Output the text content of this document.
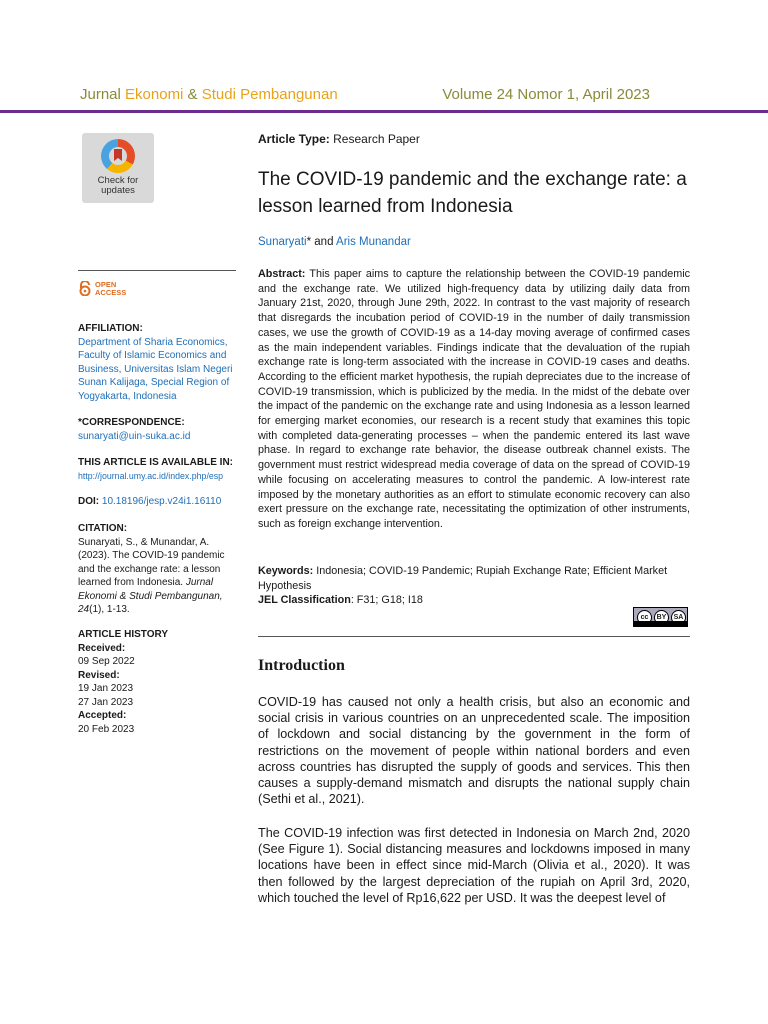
Jurnal Ekonomi & Studi Pembangunan	Volume 24 Nomor 1, April 2023
Check for
updates
OPEN
ACCESS
AFFILIATION:
Department of Sharia Economics, Faculty of Islamic Economics and Business, Universitas Islam Negeri Sunan Kalijaga, Special Region of Yogyakarta, Indonesia
*CORRESPONDENCE:
sunaryati@uin-suka.ac.id
THIS ARTICLE IS AVAILABLE IN:
http://journal.umy.ac.id/index.php/esp
DOI: 10.18196/jesp.v24i1.16110
CITATION:
Sunaryati, S., & Munandar, A. (2023). The COVID-19 pandemic and the exchange rate: a lesson learned from Indonesia. Jurnal Ekonomi & Studi Pembangunan, 24(1), 1-13.
ARTICLE HISTORY
Received:
09 Sep 2022
Revised:
19 Jan 2023
27 Jan 2023
Accepted:
20 Feb 2023
Article Type: Research Paper
The COVID-19 pandemic and the exchange rate: a lesson learned from Indonesia
Sunaryati* and Aris Munandar
Abstract: This paper aims to capture the relationship between the COVID-19 pandemic and the exchange rate. We utilized high-frequency data by utilizing daily data from January 21st, 2020, through June 29th, 2022. In contrast to the vast majority of research that disregards the incubation period of COVID-19 in the number of daily transmission cases, we use the growth of COVID-19 as a 14-day moving average of confirmed cases as the main independent variables. Findings indicate that the devaluation of the rupiah exchange rate is long-term associated with the increase in COVID-19 cases and deaths. According to the efficient market hypothesis, the rupiah depreciates due to the increase of COVID-19 transmission, which is publicized by the media. In the midst of the debate over the impact of the pandemic on the exchange rate and using Indonesia as a lesson learned for emerging market economies, our research is a recent study that examines this topic with completed data-generating processes – when the pandemic entered its last wave phase. In regard to exchange rate behavior, the disease outbreak channel exists. The government must restrict widespread media coverage of data on the spread of COVID-19 while focusing on accelerating measures to control the pandemic. A low-interest rate imposed by the monetary authorities as an effort to stimulate economic recovery can also exert pressure on the exchange rate, necessitating the optimization of other instruments, such as foreign exchange intervention.
Keywords: Indonesia; COVID-19 Pandemic; Rupiah Exchange Rate; Efficient Market Hypothesis
JEL Classification: F31; G18; I18
cc	BY	SA
Introduction
COVID-19 has caused not only a health crisis, but also an economic and social crisis in various countries on an unprecedented scale. The imposition of lockdown and social distancing by the government in the form of restrictions on the movement of people within national borders and even across countries has disrupted the supply of goods and services. This then causes a supply-demand mismatch and disrupts the national supply chain (Sethi et al., 2021).
The COVID-19 infection was first detected in Indonesia on March 2nd, 2020 (See Figure 1). Social distancing measures and lockdowns imposed in many locations have been in effect since mid-March (Olivia et al., 2020). It was then followed by the largest depreciation of the rupiah on April 3rd, 2020, which touched the level of Rp16,622 per USD. It was the deepest level of
